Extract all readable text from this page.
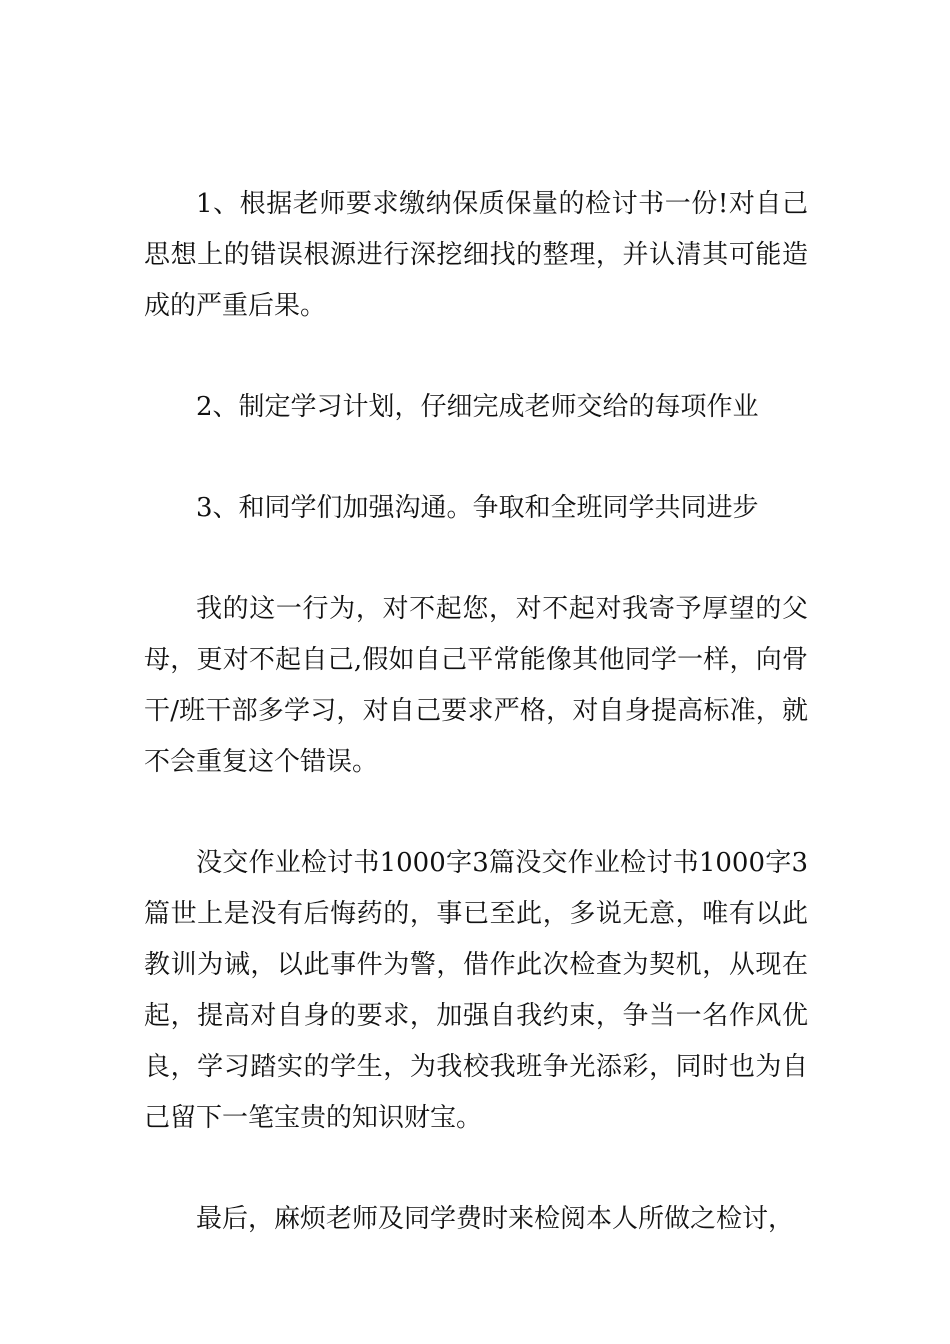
1、根据老师要求缴纳保质保量的检讨书一份!对自己思想上的错误根源进行深挖细找的整理，并认清其可能造成的严重后果。

2、制定学习计划，仔细完成老师交给的每项作业

3、和同学们加强沟通。争取和全班同学共同进步

我的这一行为，对不起您，对不起对我寄予厚望的父母，更对不起自己,假如自己平常能像其他同学一样，向骨干/班干部多学习，对自己要求严格，对自身提高标准，就不会重复这个错误。

没交作业检讨书1000字3篇没交作业检讨书1000字3篇世上是没有后悔药的，事已至此，多说无意，唯有以此教训为诫，以此事件为警，借作此次检查为契机，从现在起，提高对自身的要求，加强自我约束，争当一名作风优良，学习踏实的学生，为我校我班争光添彩，同时也为自己留下一笔宝贵的知识财宝。

最后，麻烦老师及同学费时来检阅本人所做之检讨，
